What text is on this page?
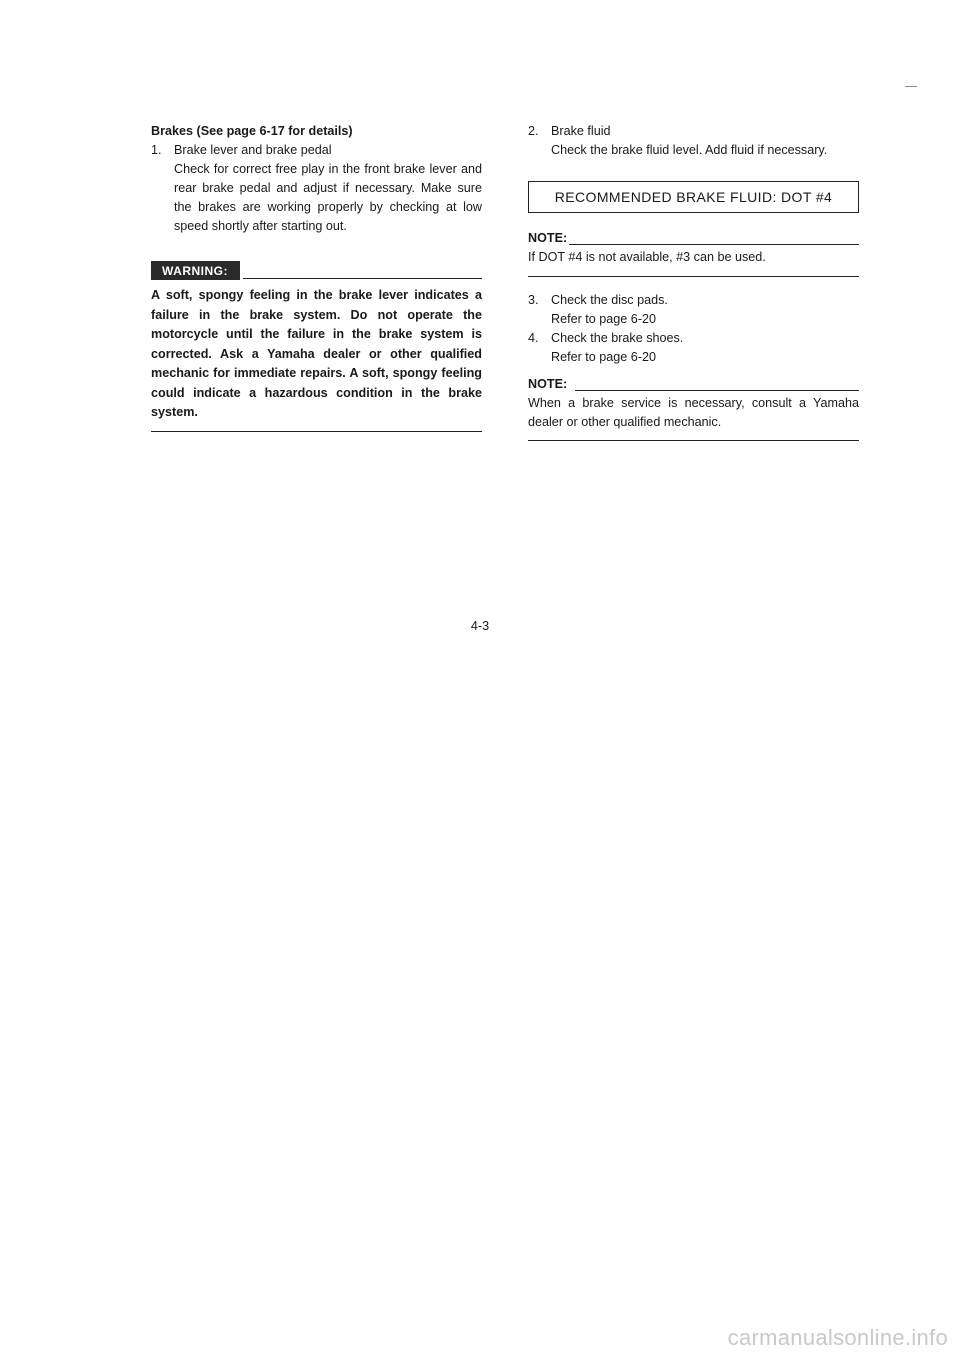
Brakes (See page 6-17 for details)
1. Brake lever and brake pedal
Check for correct free play in the front brake lever and rear brake pedal and adjust if necessary. Make sure the brakes are working properly by checking at low speed shortly after starting out.
WARNING:
A soft, spongy feeling in the brake lever indicates a failure in the brake system. Do not operate the motorcycle until the failure in the brake system is corrected. Ask a Yamaha dealer or other qualified mechanic for immediate repairs. A soft, spongy feeling could indicate a hazardous condition in the brake system.
2. Brake fluid
Check the brake fluid level. Add fluid if necessary.
RECOMMENDED BRAKE FLUID: DOT #4
NOTE:
If DOT #4 is not available, #3 can be used.
3. Check the disc pads.
Refer to page 6-20
4. Check the brake shoes.
Refer to page 6-20
NOTE:
When a brake service is necessary, consult a Yamaha dealer or other qualified mechanic.
4-3
carmanualsonline.info
